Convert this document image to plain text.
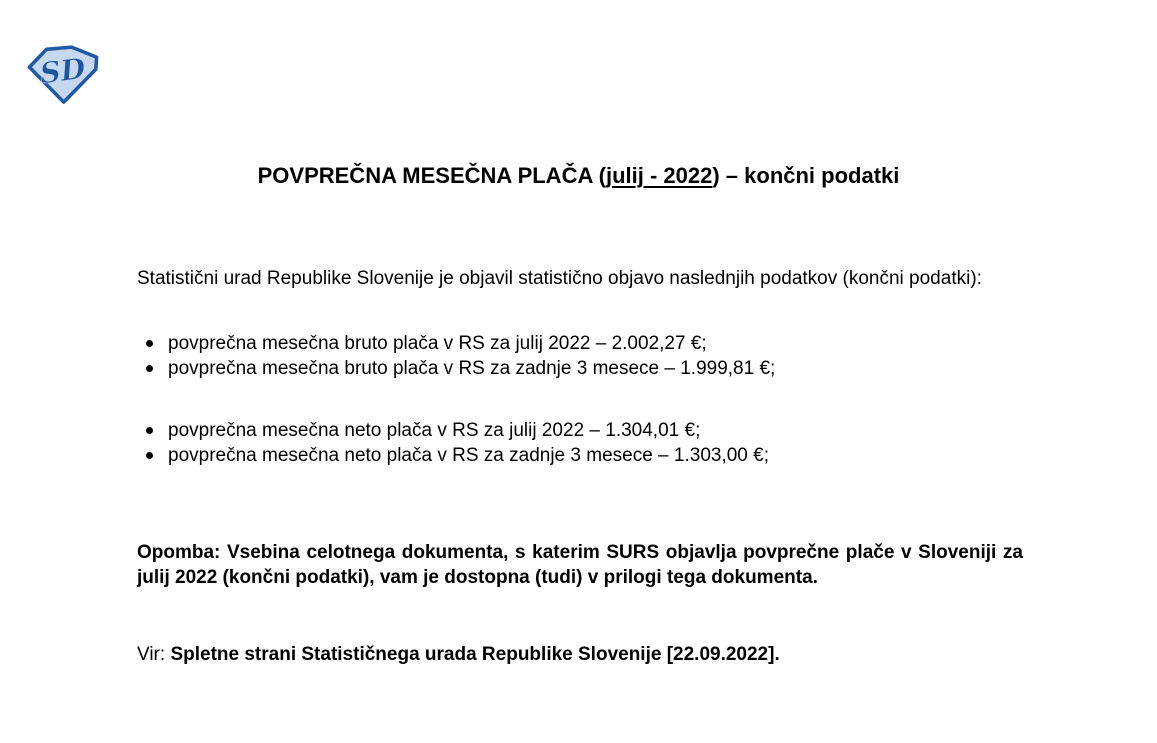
SD
POVPREČNA MESEČNA PLAČA (julij - 2022) – končni podatki

Statistični urad Republike Slovenije je objavil statistično objavo naslednjih podatkov (končni podatki):

povprečna mesečna bruto plača v RS za julij 2022 – 2.002,27 €;
povprečna mesečna bruto plača v RS za zadnje 3 mesece – 1.999,81 €;
povprečna mesečna neto plača v RS za julij 2022 – 1.304,01 €;
povprečna mesečna neto plača v RS za zadnje 3 mesece – 1.303,00 €;

Opomba: Vsebina celotnega dokumenta, s katerim SURS objavlja povprečne plače v Sloveniji za julij 2022 (končni podatki), vam je dostopna (tudi) v prilogi tega dokumenta.

Vir: Spletne strani Statističnega urada Republike Slovenije [22.09.2022].
